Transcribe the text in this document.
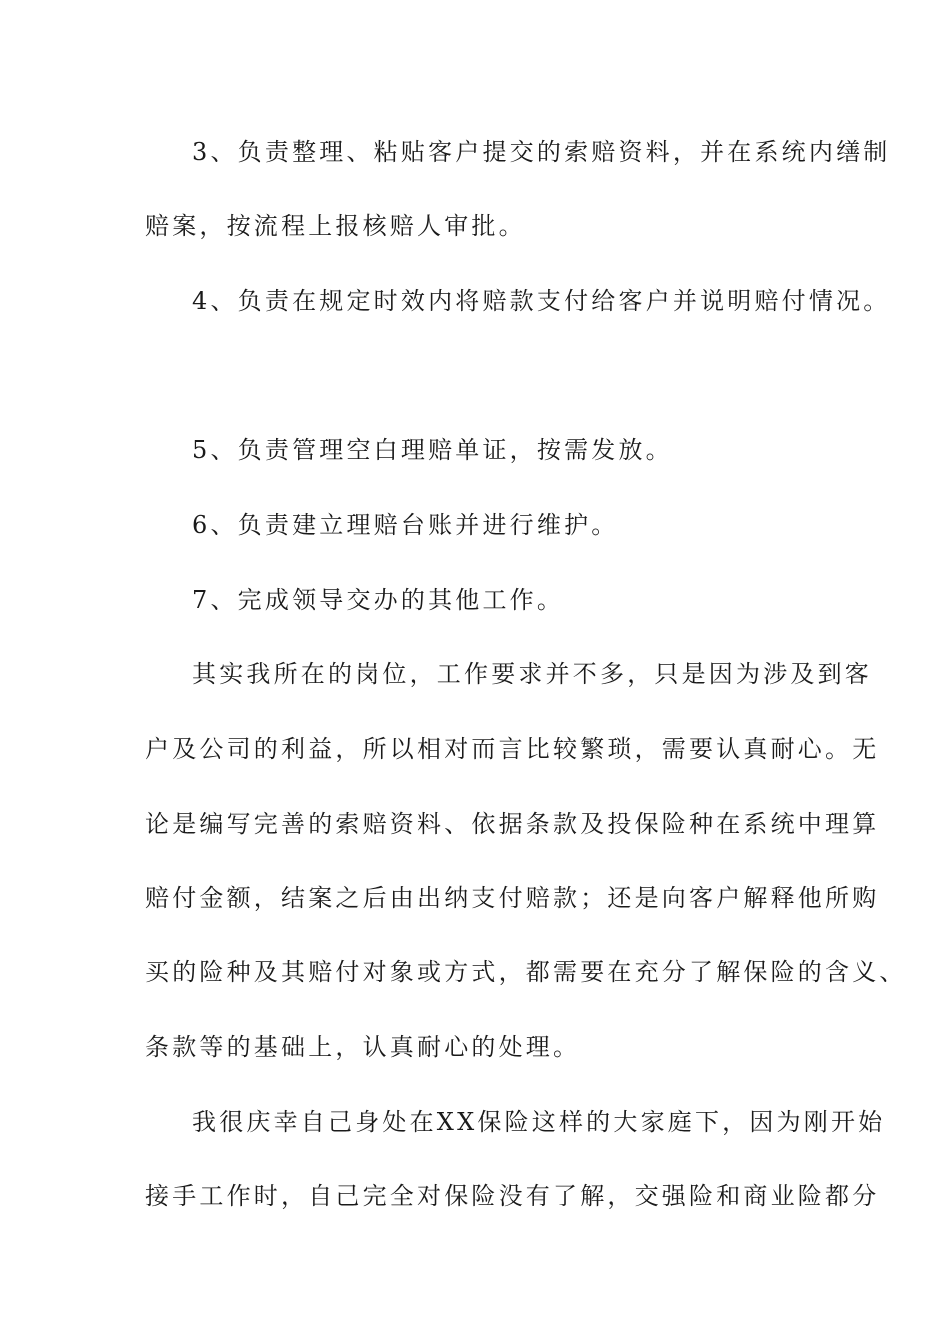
3、负责整理、粘贴客户提交的索赔资料，并在系统内缮制
赔案，按流程上报核赔人审批。
4、负责在规定时效内将赔款支付给客户并说明赔付情况。
5、负责管理空白理赔单证，按需发放。
6、负责建立理赔台账并进行维护。
7、完成领导交办的其他工作。
其实我所在的岗位，工作要求并不多，只是因为涉及到客
户及公司的利益，所以相对而言比较繁琐，需要认真耐心。无
论是编写完善的索赔资料、依据条款及投保险种在系统中理算
赔付金额，结案之后由出纳支付赔款；还是向客户解释他所购
买的险种及其赔付对象或方式，都需要在充分了解保险的含义、
条款等的基础上，认真耐心的处理。
我很庆幸自己身处在XX保险这样的大家庭下，因为刚开始
接手工作时，自己完全对保险没有了解，交强险和商业险都分
